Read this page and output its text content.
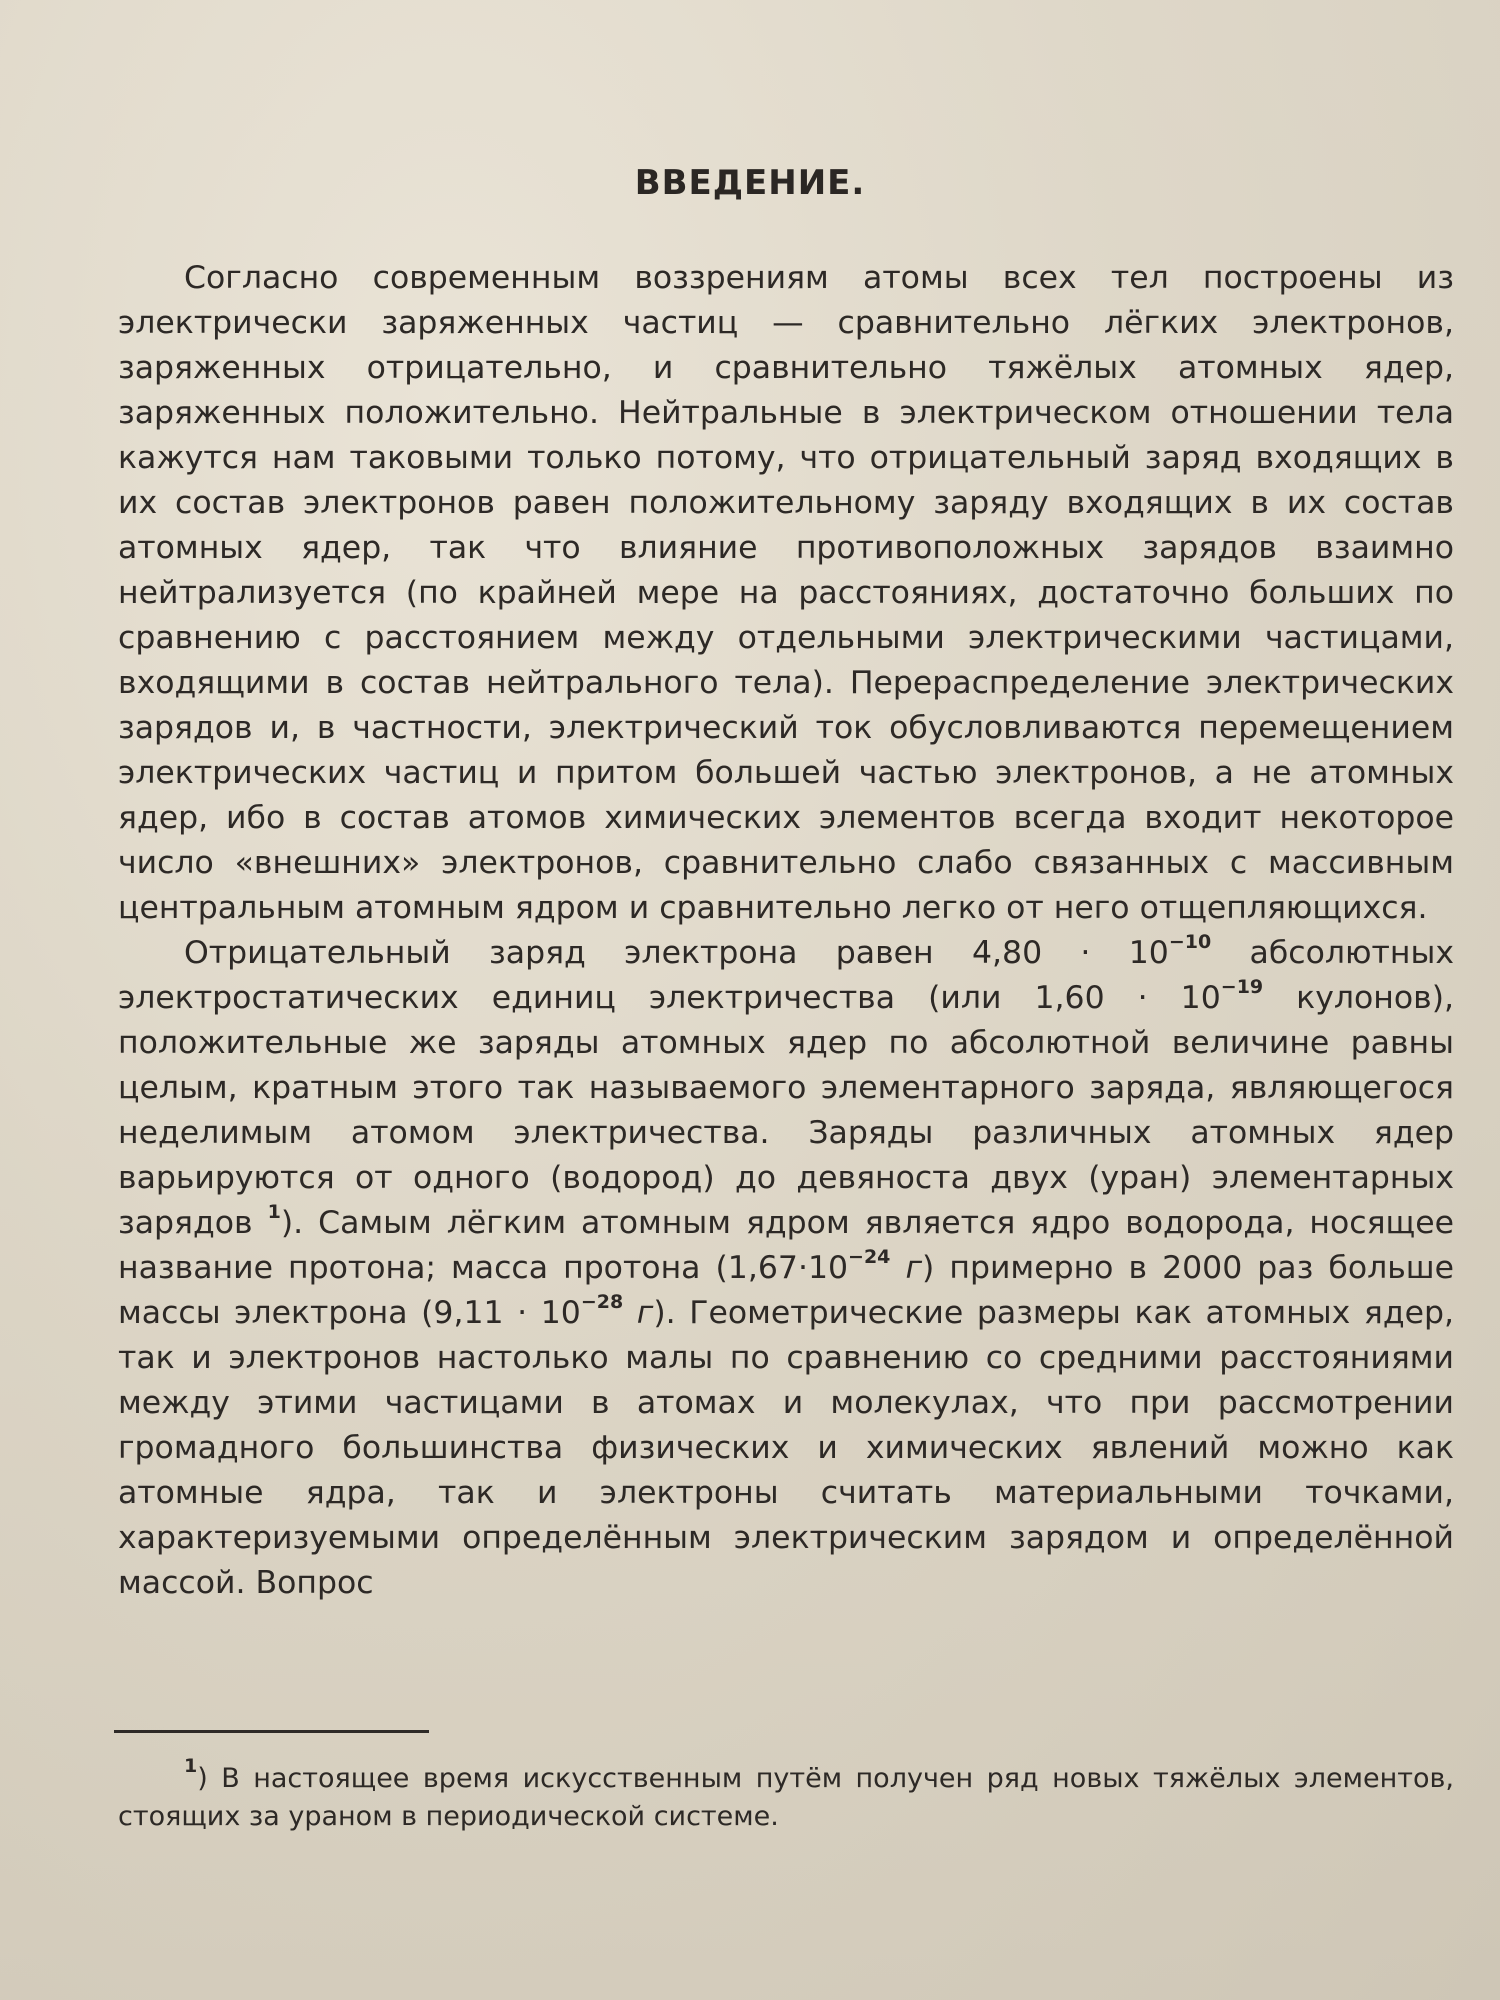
ВВЕДЕНИЕ.

Согласно современным воззрениям атомы всех тел построены из электрически заряженных частиц — сравнительно лёгких электронов, заряженных отрицательно, и сравнительно тяжёлых атомных ядер, заряженных положительно. Нейтральные в электрическом отношении тела кажутся нам таковыми только потому, что отрицательный заряд входящих в их состав электронов равен положительному заряду входящих в их состав атомных ядер, так что влияние противоположных зарядов взаимно нейтрализуется (по крайней мере на расстояниях, достаточно больших по сравнению с расстоянием между отдельными электрическими частицами, входящими в состав нейтрального тела). Перераспределение электрических зарядов и, в частности, электрический ток обусловливаются перемещением электрических частиц и притом большей частью электронов, а не атомных ядер, ибо в состав атомов химических элементов всегда входит некоторое число «внешних» электронов, сравнительно слабо связанных с массивным центральным атомным ядром и сравнительно легко от него отщепляющихся.

Отрицательный заряд электрона равен $4,80 \cdot 10^{-10}$ абсолютных электростатических единиц электричества (или $1,60 \cdot 10^{-19}$ кулонов), положительные же заряды атомных ядер по абсолютной величине равны целым, кратным этого так называемого элементарного заряда, являющегося неделимым атомом электричества. Заряды различных атомных ядер варьируются от одного (водород) до девяноста двух (уран) элементарных зарядов $^1$). Самым лёгким атомным ядром является ядро водорода, носящее название протона; масса протона ($1,67\cdot 10^{-24}$ г) примерно в 2000 раз больше массы электрона ($9,11 \cdot 10^{-28}$ г). Геометрические размеры как атомных ядер, так и электронов настолько малы по сравнению со средними расстояниями между этими частицами в атомах и молекулах, что при рассмотрении громадного большинства физических и химических явлений можно как атомные ядра, так и электроны считать материальными точками, характеризуемыми определённым электрическим зарядом и определённой массой. Вопрос

$^1$) В настоящее время искусственным путём получен ряд новых тяжёлых элементов, стоящих за ураном в периодической системе.
